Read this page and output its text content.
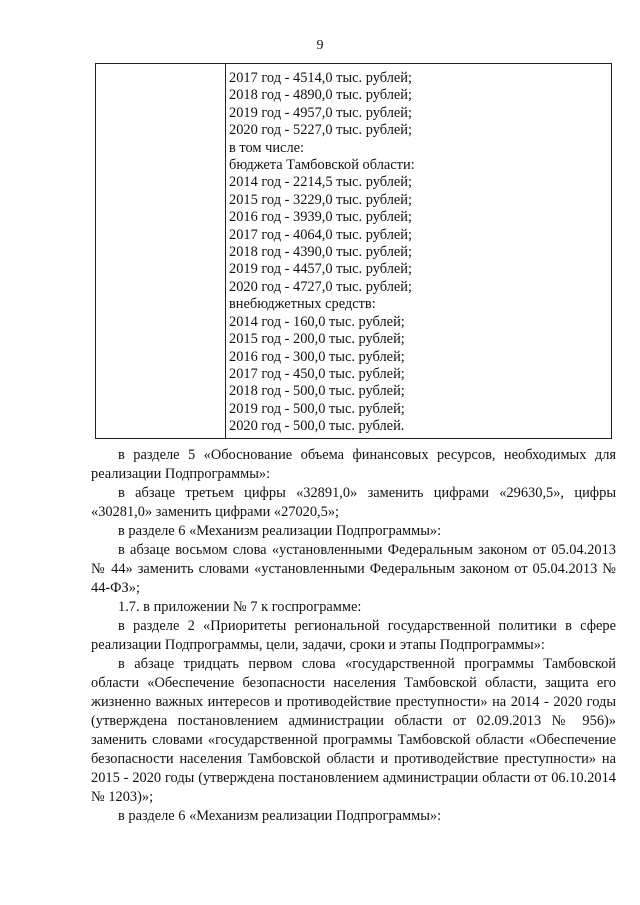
9
2017 год - 4514,0 тыс. рублей;
2018 год - 4890,0 тыс. рублей;
2019 год - 4957,0 тыс. рублей;
2020 год - 5227,0 тыс. рублей;
в том числе:
бюджета Тамбовской области:
2014 год - 2214,5 тыс. рублей;
2015 год - 3229,0 тыс. рублей;
2016 год - 3939,0 тыс. рублей;
2017 год - 4064,0 тыс. рублей;
2018 год - 4390,0 тыс. рублей;
2019 год - 4457,0 тыс. рублей;
2020 год - 4727,0 тыс. рублей;
внебюджетных средств:
2014 год - 160,0 тыс. рублей;
2015 год - 200,0 тыс. рублей;
2016 год - 300,0 тыс. рублей;
2017 год - 450,0 тыс. рублей;
2018 год - 500,0 тыс. рублей;
2019 год - 500,0 тыс. рублей;
2020 год - 500,0 тыс. рублей.
в разделе 5 «Обоснование объема финансовых ресурсов, необходимых для реализации Подпрограммы»:
в абзаце третьем цифры «32891,0» заменить цифрами «29630,5», цифры «30281,0» заменить цифрами «27020,5»;
в разделе 6 «Механизм реализации Подпрограммы»:
в абзаце восьмом слова «установленными Федеральным законом от 05.04.2013 № 44» заменить словами «установленными Федеральным законом от 05.04.2013 № 44-ФЗ»;
1.7. в приложении № 7 к госпрограмме:
в разделе 2 «Приоритеты региональной государственной политики в сфере реализации Подпрограммы, цели, задачи, сроки и этапы Подпрограммы»:
в абзаце тридцать первом слова «государственной программы Тамбовской области «Обеспечение безопасности населения Тамбовской области, защита его жизненно важных интересов и противодействие преступности» на 2014 - 2020 годы (утверждена постановлением администрации области от 02.09.2013 № 956)» заменить словами «государственной программы Тамбовской области «Обеспечение безопасности населения Тамбовской области и противодействие преступности» на 2015 - 2020 годы (утверждена постановлением администрации области от 06.10.2014 № 1203)»;
в разделе 6 «Механизм реализации Подпрограммы»:
